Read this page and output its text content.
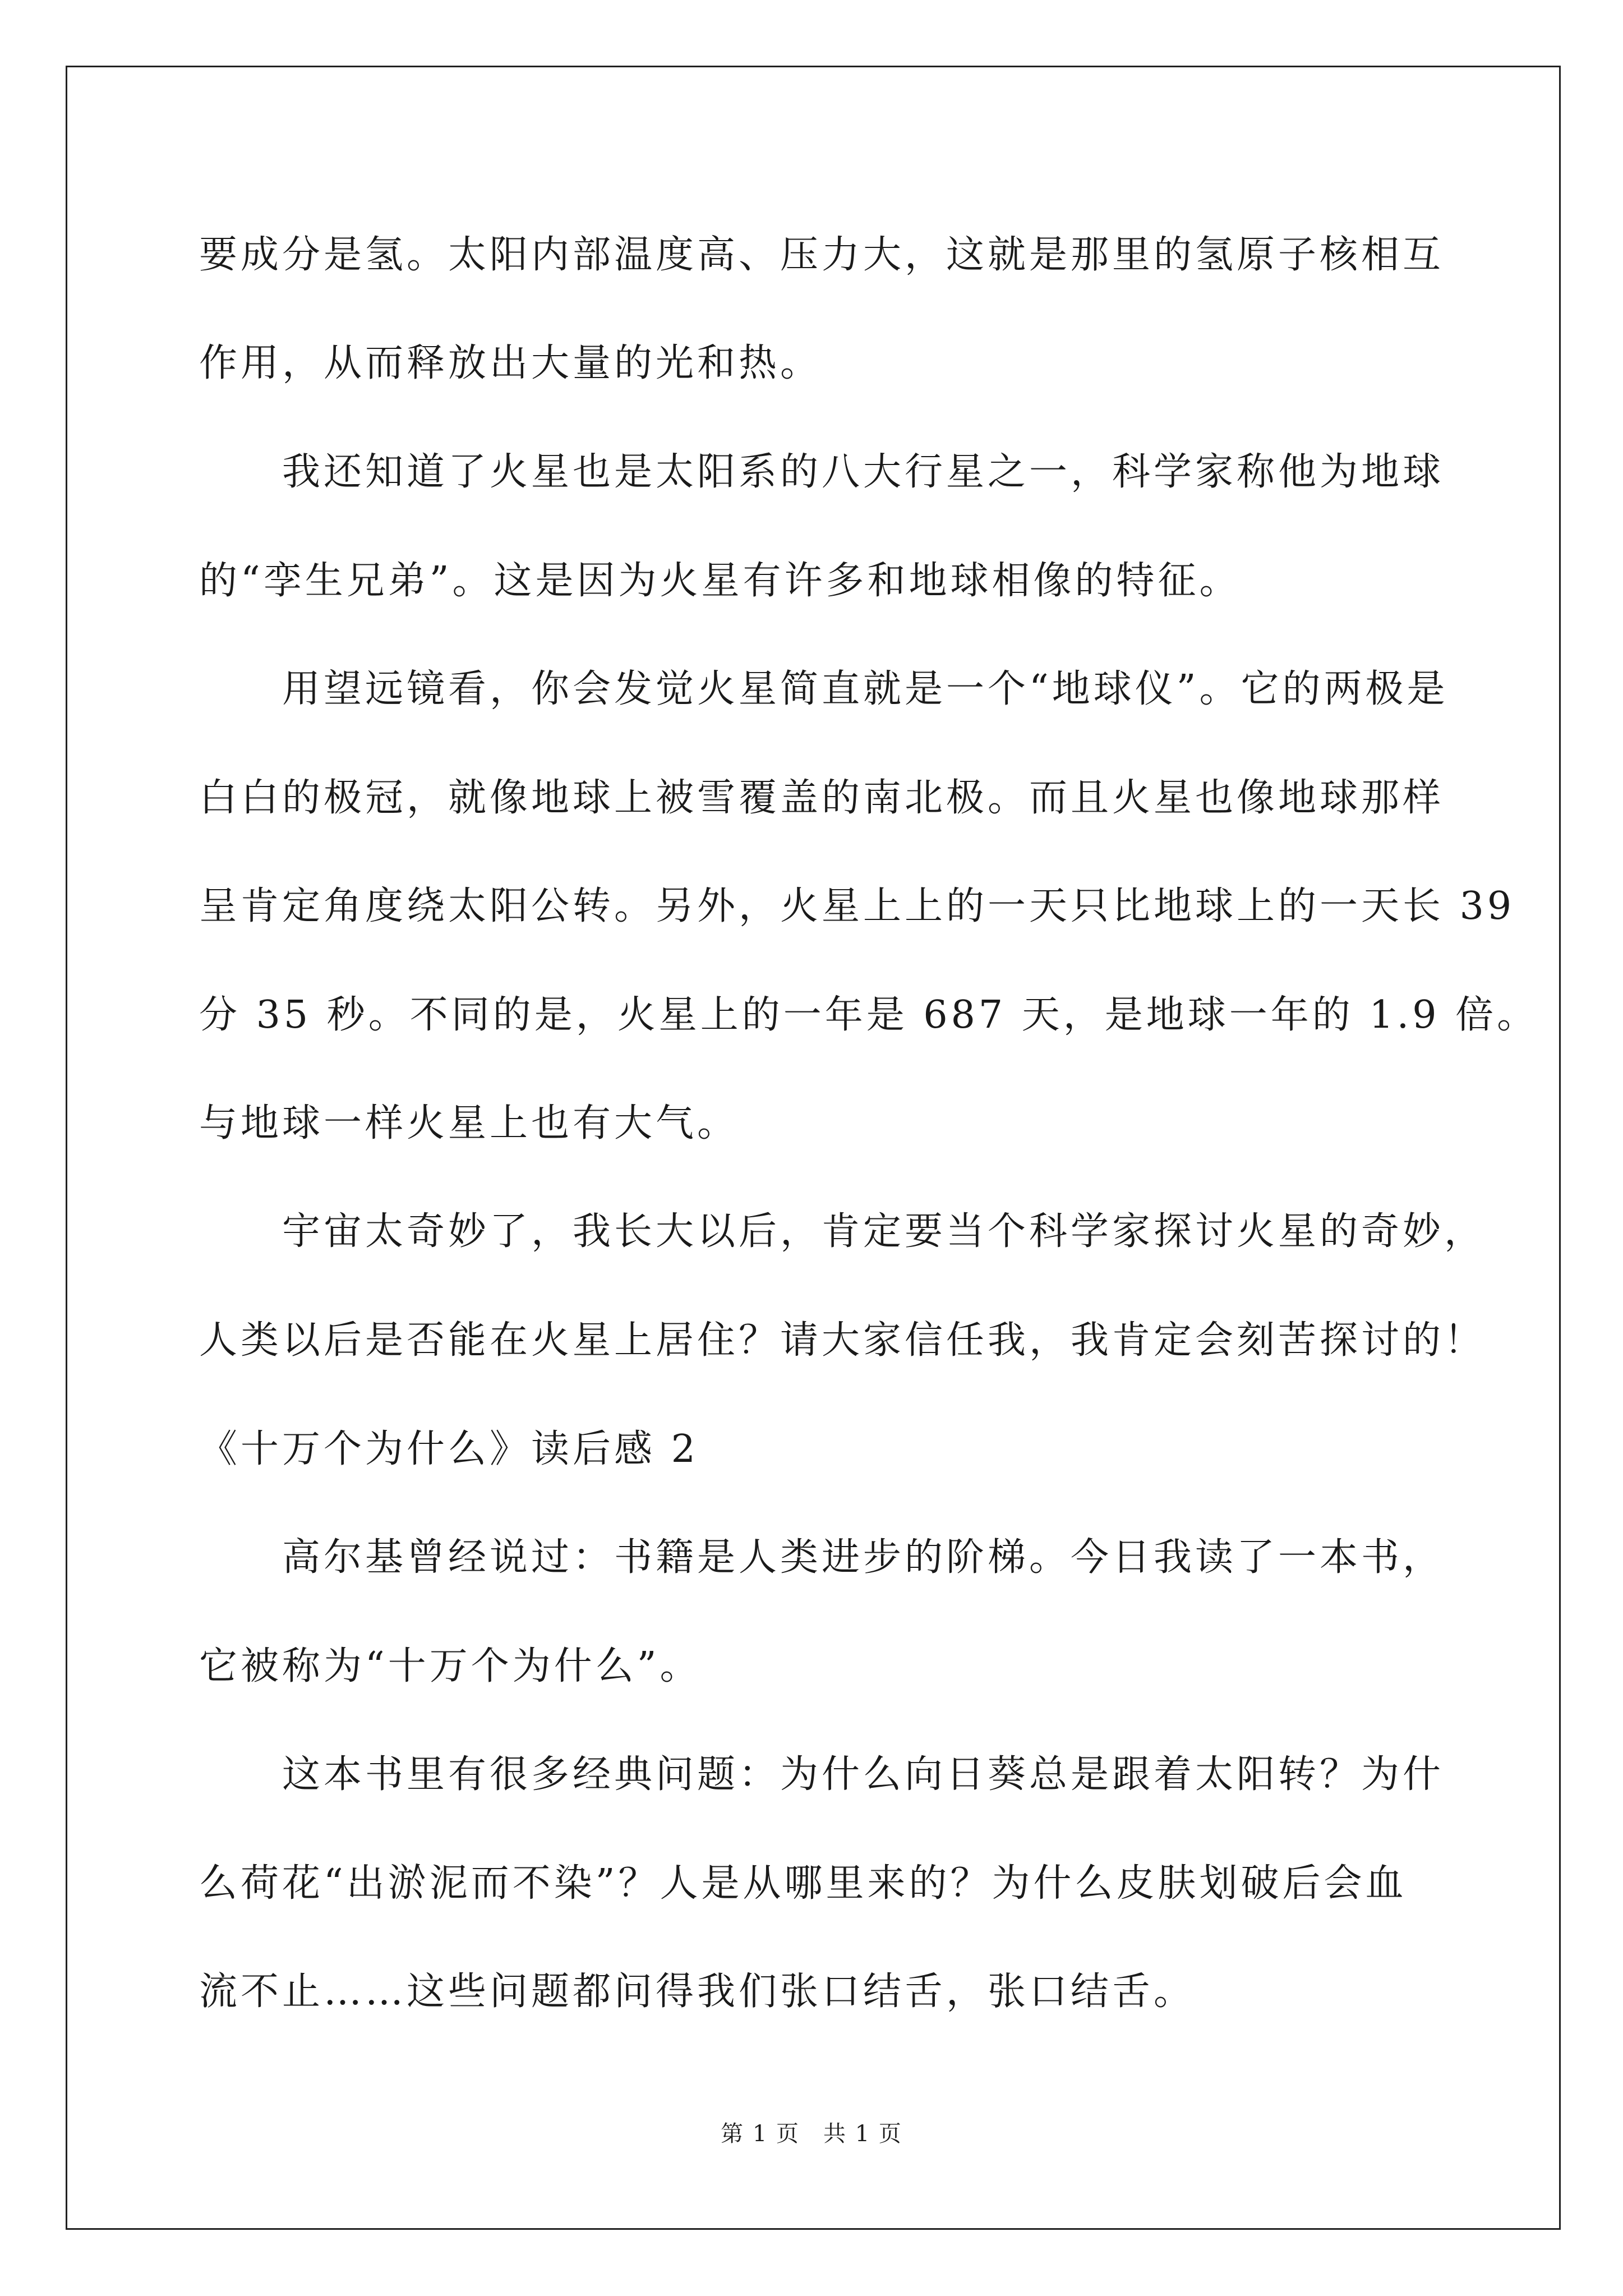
要成分是氢。太阳内部温度高、压力大，这就是那里的氢原子核相互
作用，从而释放出大量的光和热。
　　我还知道了火星也是太阳系的八大行星之一，科学家称他为地球
的“孪生兄弟”。这是因为火星有许多和地球相像的特征。
　　用望远镜看，你会发觉火星简直就是一个“地球仪”。它的两极是
白白的极冠，就像地球上被雪覆盖的南北极。而且火星也像地球那样
呈肯定角度绕太阳公转。另外，火星上上的一天只比地球上的一天长 39
分 35 秒。不同的是，火星上的一年是 687 天，是地球一年的 1.9 倍。
与地球一样火星上也有大气。
　　宇宙太奇妙了，我长大以后，肯定要当个科学家探讨火星的奇妙，
人类以后是否能在火星上居住？请大家信任我，我肯定会刻苦探讨的！
《十万个为什么》读后感 2
　　高尔基曾经说过：书籍是人类进步的阶梯。今日我读了一本书，
它被称为“十万个为什么”。
　　这本书里有很多经典问题：为什么向日葵总是跟着太阳转？为什
么荷花“出淤泥而不染”？人是从哪里来的？为什么皮肤划破后会血
流不止……这些问题都问得我们张口结舌，张口结舌。
第 1 页　共 1 页
